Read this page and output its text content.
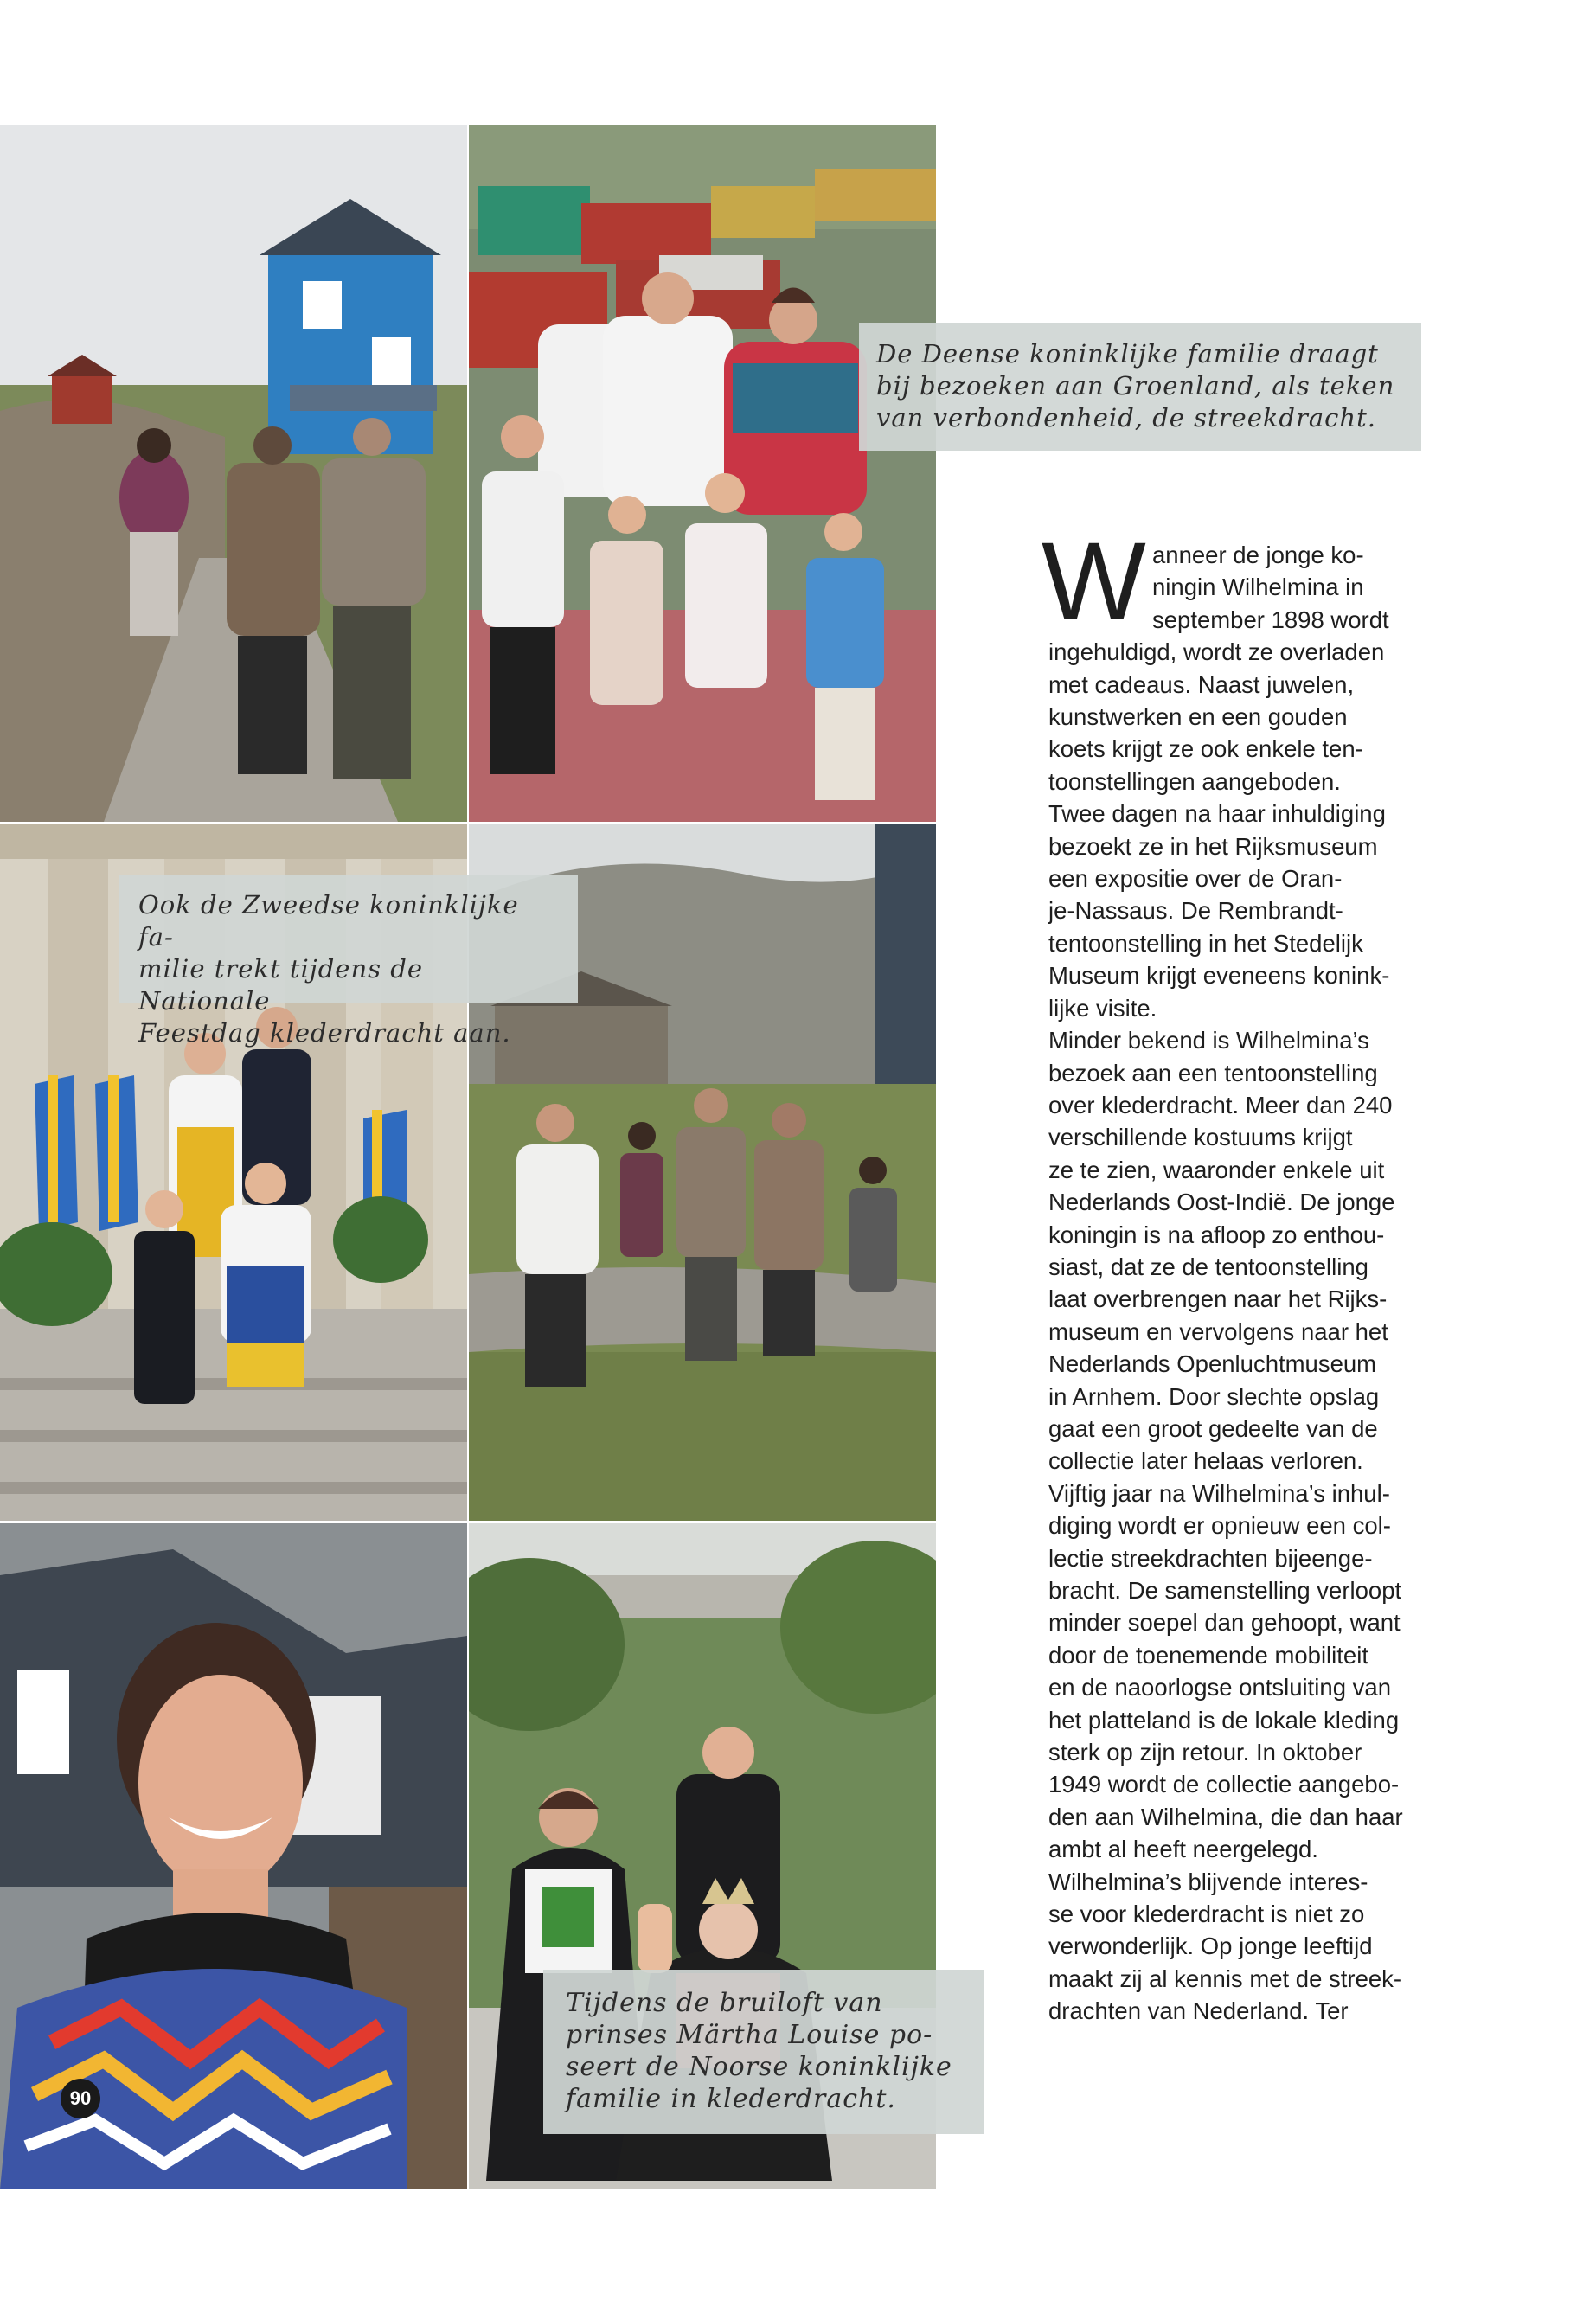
De Deense koninklijke familie draagt

bij bezoeken aan Groenland, als teken

van verbondenheid, de streekdracht.

Ook de Zweedse koninklijke fa-

milie trekt tijdens de Nationale

Feestdag klederdracht aan.

Tijdens de bruiloft van

prinses Märtha Louise po-

seert de Noorse koninklijke

familie in klederdracht.

W anneer de jonge ko-
ningin Wilhelmina in
september 1898 wordt
ingehuldigd, wordt ze overladen
met cadeaus. Naast juwelen,
kunstwerken en een gouden
koets krijgt ze ook enkele ten-
toonstellingen aangeboden.
Twee dagen na haar inhuldiging
bezoekt ze in het Rijksmuseum
een expositie over de Oran-
je-Nassaus. De Rembrandt-
tentoonstelling in het Stedelijk
Museum krijgt eveneens konink-
lijke visite.
Minder bekend is Wilhelmina’s
bezoek aan een tentoonstelling
over klederdracht. Meer dan 240
verschillende kostuums krijgt
ze te zien, waaronder enkele uit
Nederlands Oost-Indië. De jonge
koningin is na afloop zo enthou-
siast, dat ze de tentoonstelling
laat overbrengen naar het Rijks-
museum en vervolgens naar het
Nederlands Openluchtmuseum
in Arnhem. Door slechte opslag
gaat een groot gedeelte van de
collectie later helaas verloren.
Vijftig jaar na Wilhelmina’s inhul-
diging wordt er opnieuw een col-
lectie streekdrachten bijeenge-
bracht. De samenstelling verloopt
minder soepel dan gehoopt, want
door de toenemende mobiliteit
en de naoorlogse ontsluiting van
het platteland is de lokale kleding
sterk op zijn retour. In oktober
1949 wordt de collectie aangebo-
den aan Wilhelmina, die dan haar
ambt al heeft neergelegd.
Wilhelmina’s blijvende interes-
se voor klederdracht is niet zo
verwonderlijk. Op jonge leeftijd
maakt zij al kennis met de streek-
drachten van Nederland. Ter
90
